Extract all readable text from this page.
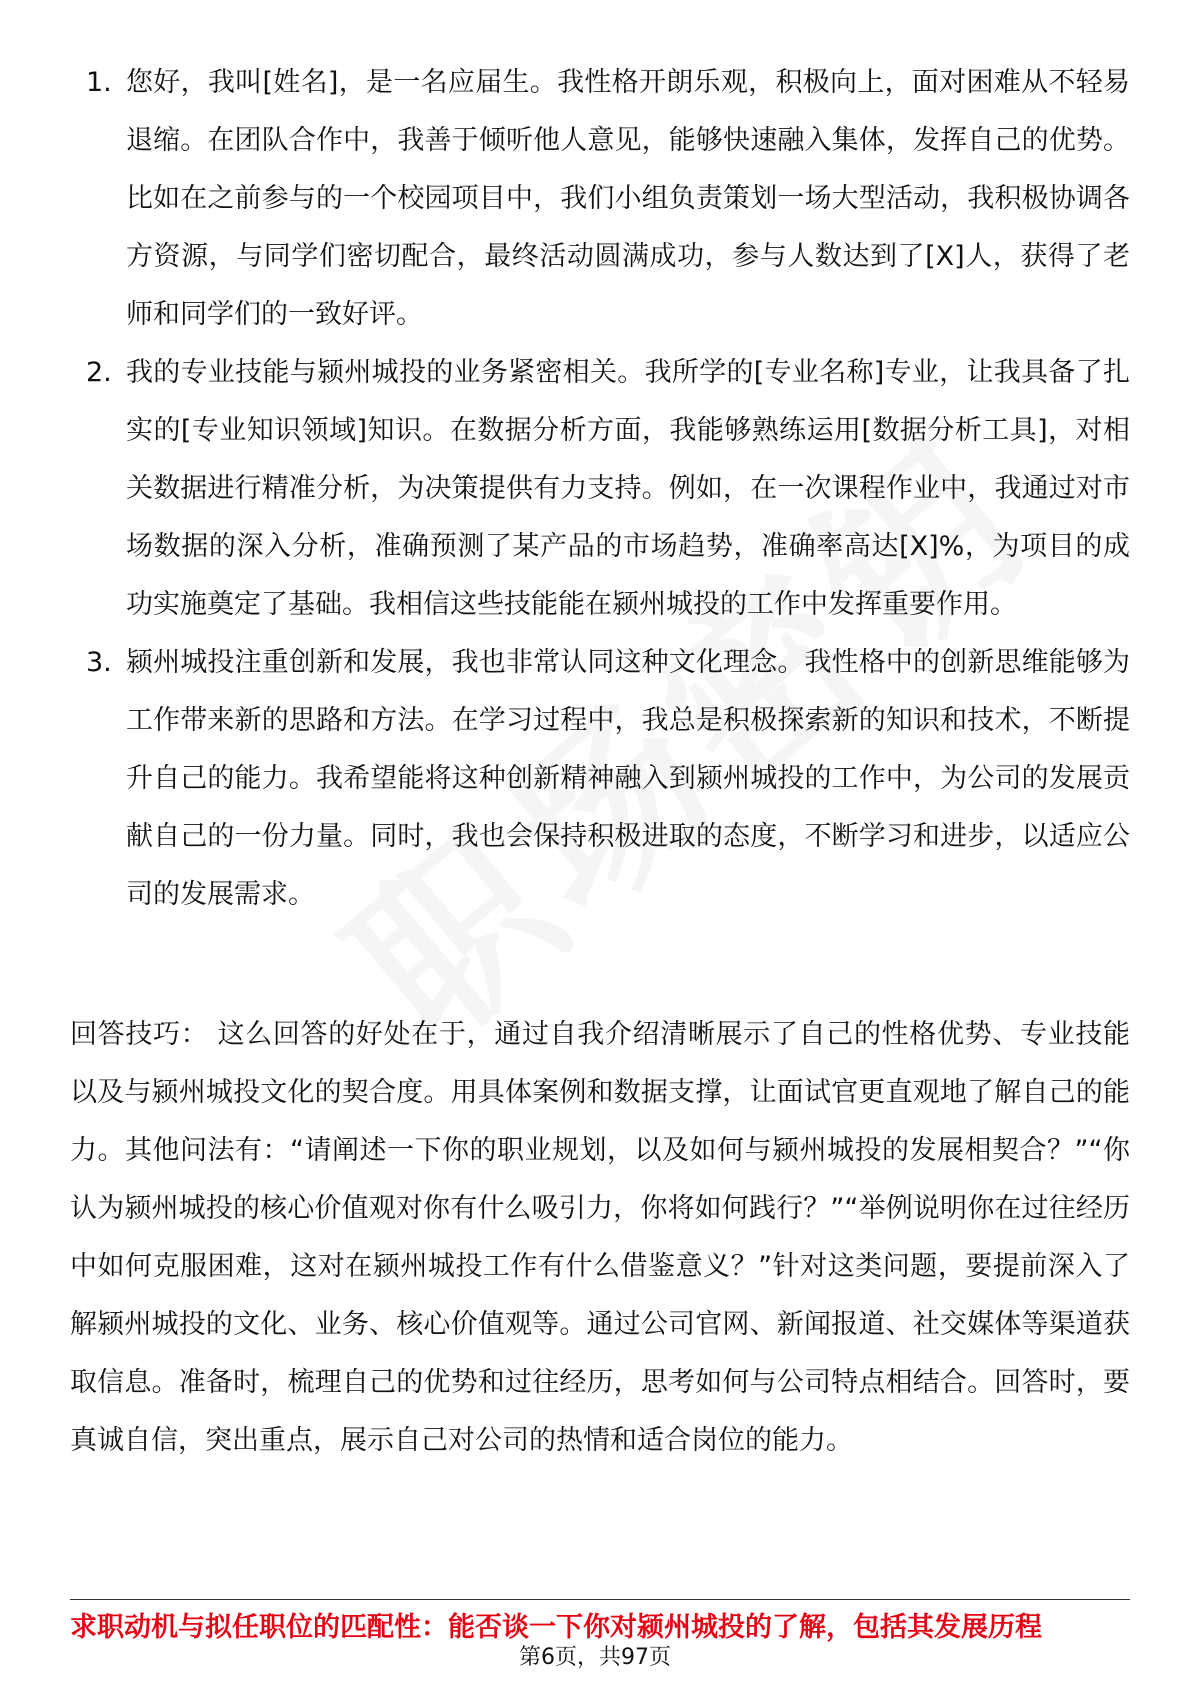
1. 您好，我叫[姓名]，是一名应届生。我性格开朗乐观，积极向上，面对困难从不轻易退缩。在团队合作中，我善于倾听他人意见，能够快速融入集体，发挥自己的优势。比如在之前参与的一个校园项目中，我们小组负责策划一场大型活动，我积极协调各方资源，与同学们密切配合，最终活动圆满成功，参与人数达到了[X]人，获得了老师和同学们的一致好评。
2. 我的专业技能与颍州城投的业务紧密相关。我所学的[专业名称]专业，让我具备了扎实的[专业知识领域]知识。在数据分析方面，我能够熟练运用[数据分析工具]，对相关数据进行精准分析，为决策提供有力支持。例如，在一次课程作业中，我通过对市场数据的深入分析，准确预测了某产品的市场趋势，准确率高达[X]%，为项目的成功实施奠定了基础。我相信这些技能能在颍州城投的工作中发挥重要作用。
3. 颍州城投注重创新和发展，我也非常认同这种文化理念。我性格中的创新思维能够为工作带来新的思路和方法。在学习过程中，我总是积极探索新的知识和技术，不断提升自己的能力。我希望能将这种创新精神融入到颍州城投的工作中，为公司的发展贡献自己的一份力量。同时，我也会保持积极进取的态度，不断学习和进步，以适应公司的发展需求。

回答技巧： 这么回答的好处在于，通过自我介绍清晰展示了自己的性格优势、专业技能以及与颍州城投文化的契合度。用具体案例和数据支撑，让面试官更直观地了解自己的能力。其他问法有：“请阐述一下你的职业规划，以及如何与颍州城投的发展相契合？”“你认为颍州城投的核心价值观对你有什么吸引力，你将如何践行？”“举例说明你在过往经历中如何克服困难，这对在颍州城投工作有什么借鉴意义？”针对这类问题，要提前深入了解颍州城投的文化、业务、核心价值观等。通过公司官网、新闻报道、社交媒体等渠道获取信息。准备时，梳理自己的优势和过往经历，思考如何与公司特点相结合。回答时，要真诚自信，突出重点，展示自己对公司的热情和适合岗位的能力。

求职动机与拟任职位的匹配性：能否谈一下你对颍州城投的了解，包括其发展历程
第6页，共97页
